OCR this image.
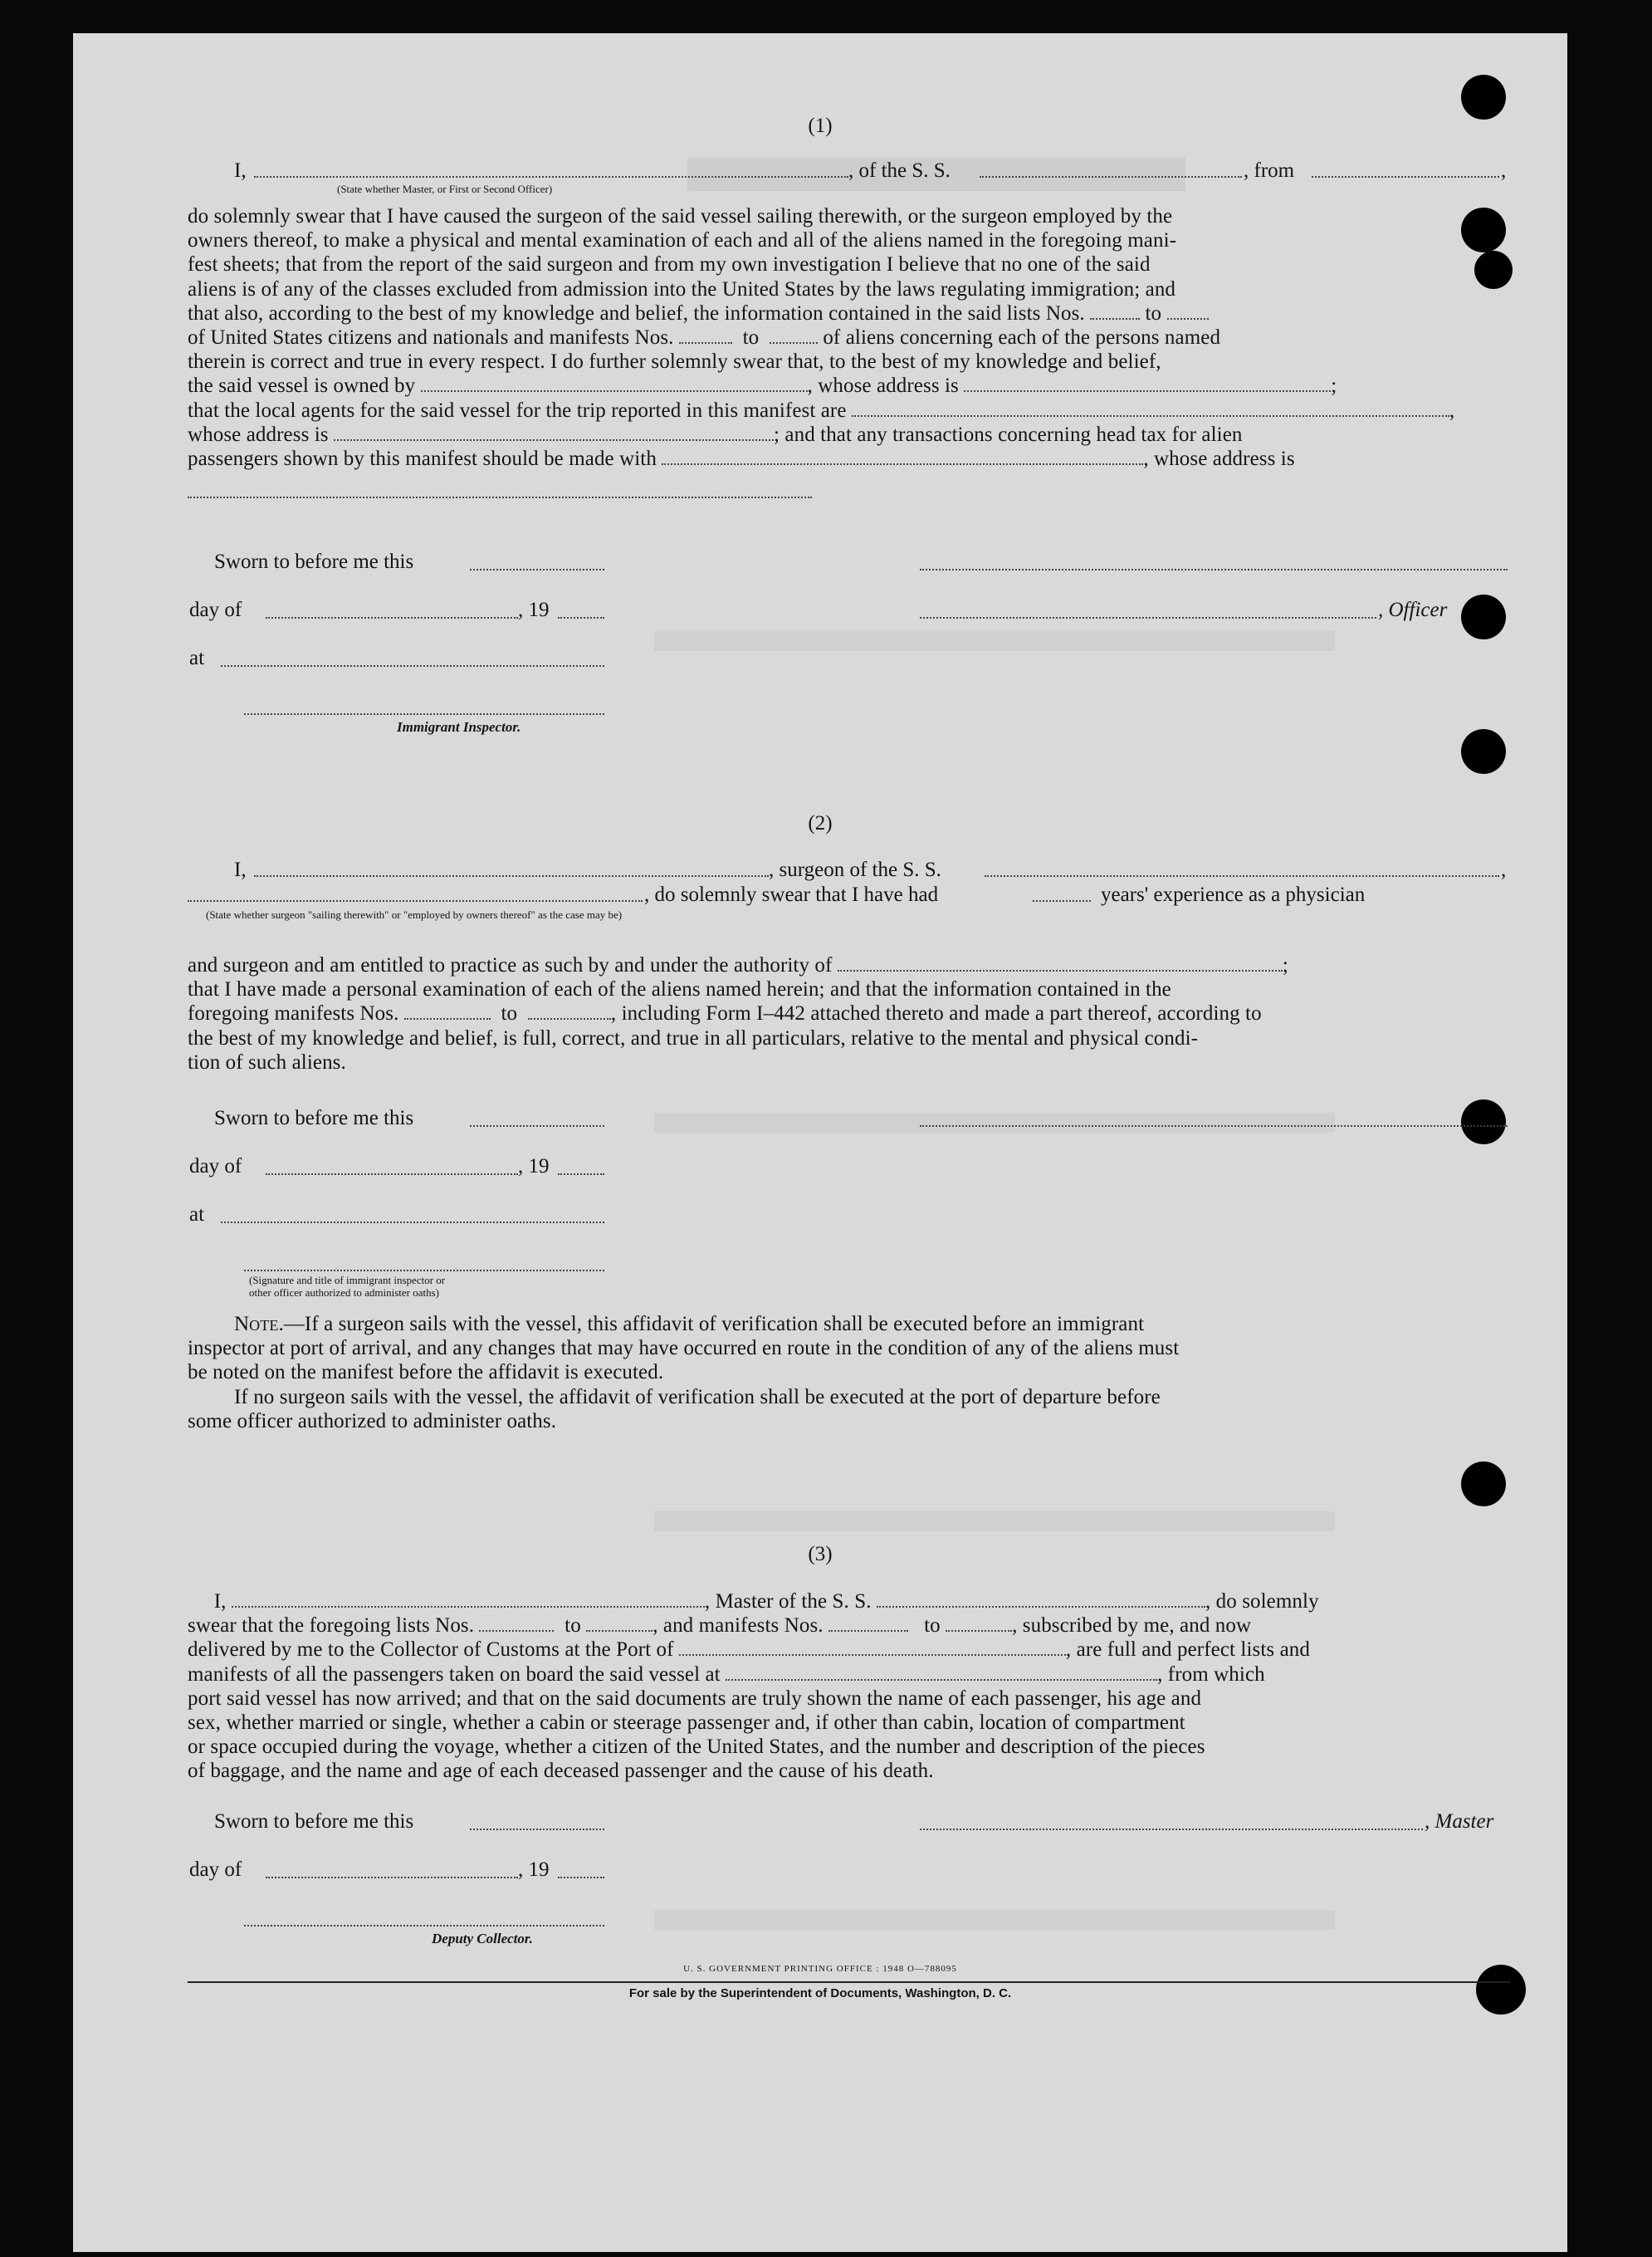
(1)
I,
(State whether Master, or First or Second Officer)
, of the S. S.	, from	,

do solemnly swear that I have caused the surgeon of the said vessel sailing therewith, or the surgeon employed by the

owners thereof, to make a physical and mental examination of each and all of the aliens named in the foregoing mani-

fest sheets; that from the report of the said surgeon and from my own investigation I believe that no one of the said

aliens is of any of the classes excluded from admission into the United States by the laws regulating immigration; and

that also, according to the best of my knowledge and belief, the information contained in the said lists Nos.	to

of United States citizens and nationals and manifests Nos.	to	of aliens concerning each of the persons named

therein is correct and true in every respect. I do further solemnly swear that, to the best of my knowledge and belief,

the said vessel is owned by	, whose address is	;

that the local agents for the said vessel for the trip reported in this manifest are	,

whose address is	; and that any transactions concerning head tax for alien

passengers shown by this manifest should be made with	, whose address is

Sworn to before me this
day of	, 19	, Officer
at
Immigrant Inspector.
(2)
I,	, surgeon of the S. S.	,
, do solemnly swear that I have had	years' experience as a physician
(State whether surgeon "sailing therewith" or "employed by owners thereof" as the case may be)

and surgeon and am entitled to practice as such by and under the authority of	;

that I have made a personal examination of each of the aliens named herein; and that the information contained in the

foregoing manifests Nos.	to	, including Form I–442 attached thereto and made a part thereof, according to

the best of my knowledge and belief, is full, correct, and true in all particulars, relative to the mental and physical condi-

tion of such aliens.

Sworn to before me this
day of	, 19
at
(Signature and title of immigrant inspector or
other officer authorized to administer oaths)

Note.—If a surgeon sails with the vessel, this affidavit of verification shall be executed before an immigrant

inspector at port of arrival, and any changes that may have occurred en route in the condition of any of the aliens must

be noted on the manifest before the affidavit is executed.

If no surgeon sails with the vessel, the affidavit of verification shall be executed at the port of departure before

some officer authorized to administer oaths.

(3)

I,	, Master of the S. S.	, do solemnly

swear that the foregoing lists Nos.	to	, and manifests Nos.	to	, subscribed by me, and now

delivered by me to the Collector of Customs at the Port of	, are full and perfect lists and

manifests of all the passengers taken on board the said vessel at	, from which

port said vessel has now arrived; and that on the said documents are truly shown the name of each passenger, his age and

sex, whether married or single, whether a cabin or steerage passenger and, if other than cabin, location of compartment

or space occupied during the voyage, whether a citizen of the United States, and the number and description of the pieces

of baggage, and the name and age of each deceased passenger and the cause of his death.

Sworn to before me this	, Master
day of	, 19
Deputy Collector.
U. S. GOVERNMENT PRINTING OFFICE : 1948 O—788095
For sale by the Superintendent of Documents, Washington, D. C.
